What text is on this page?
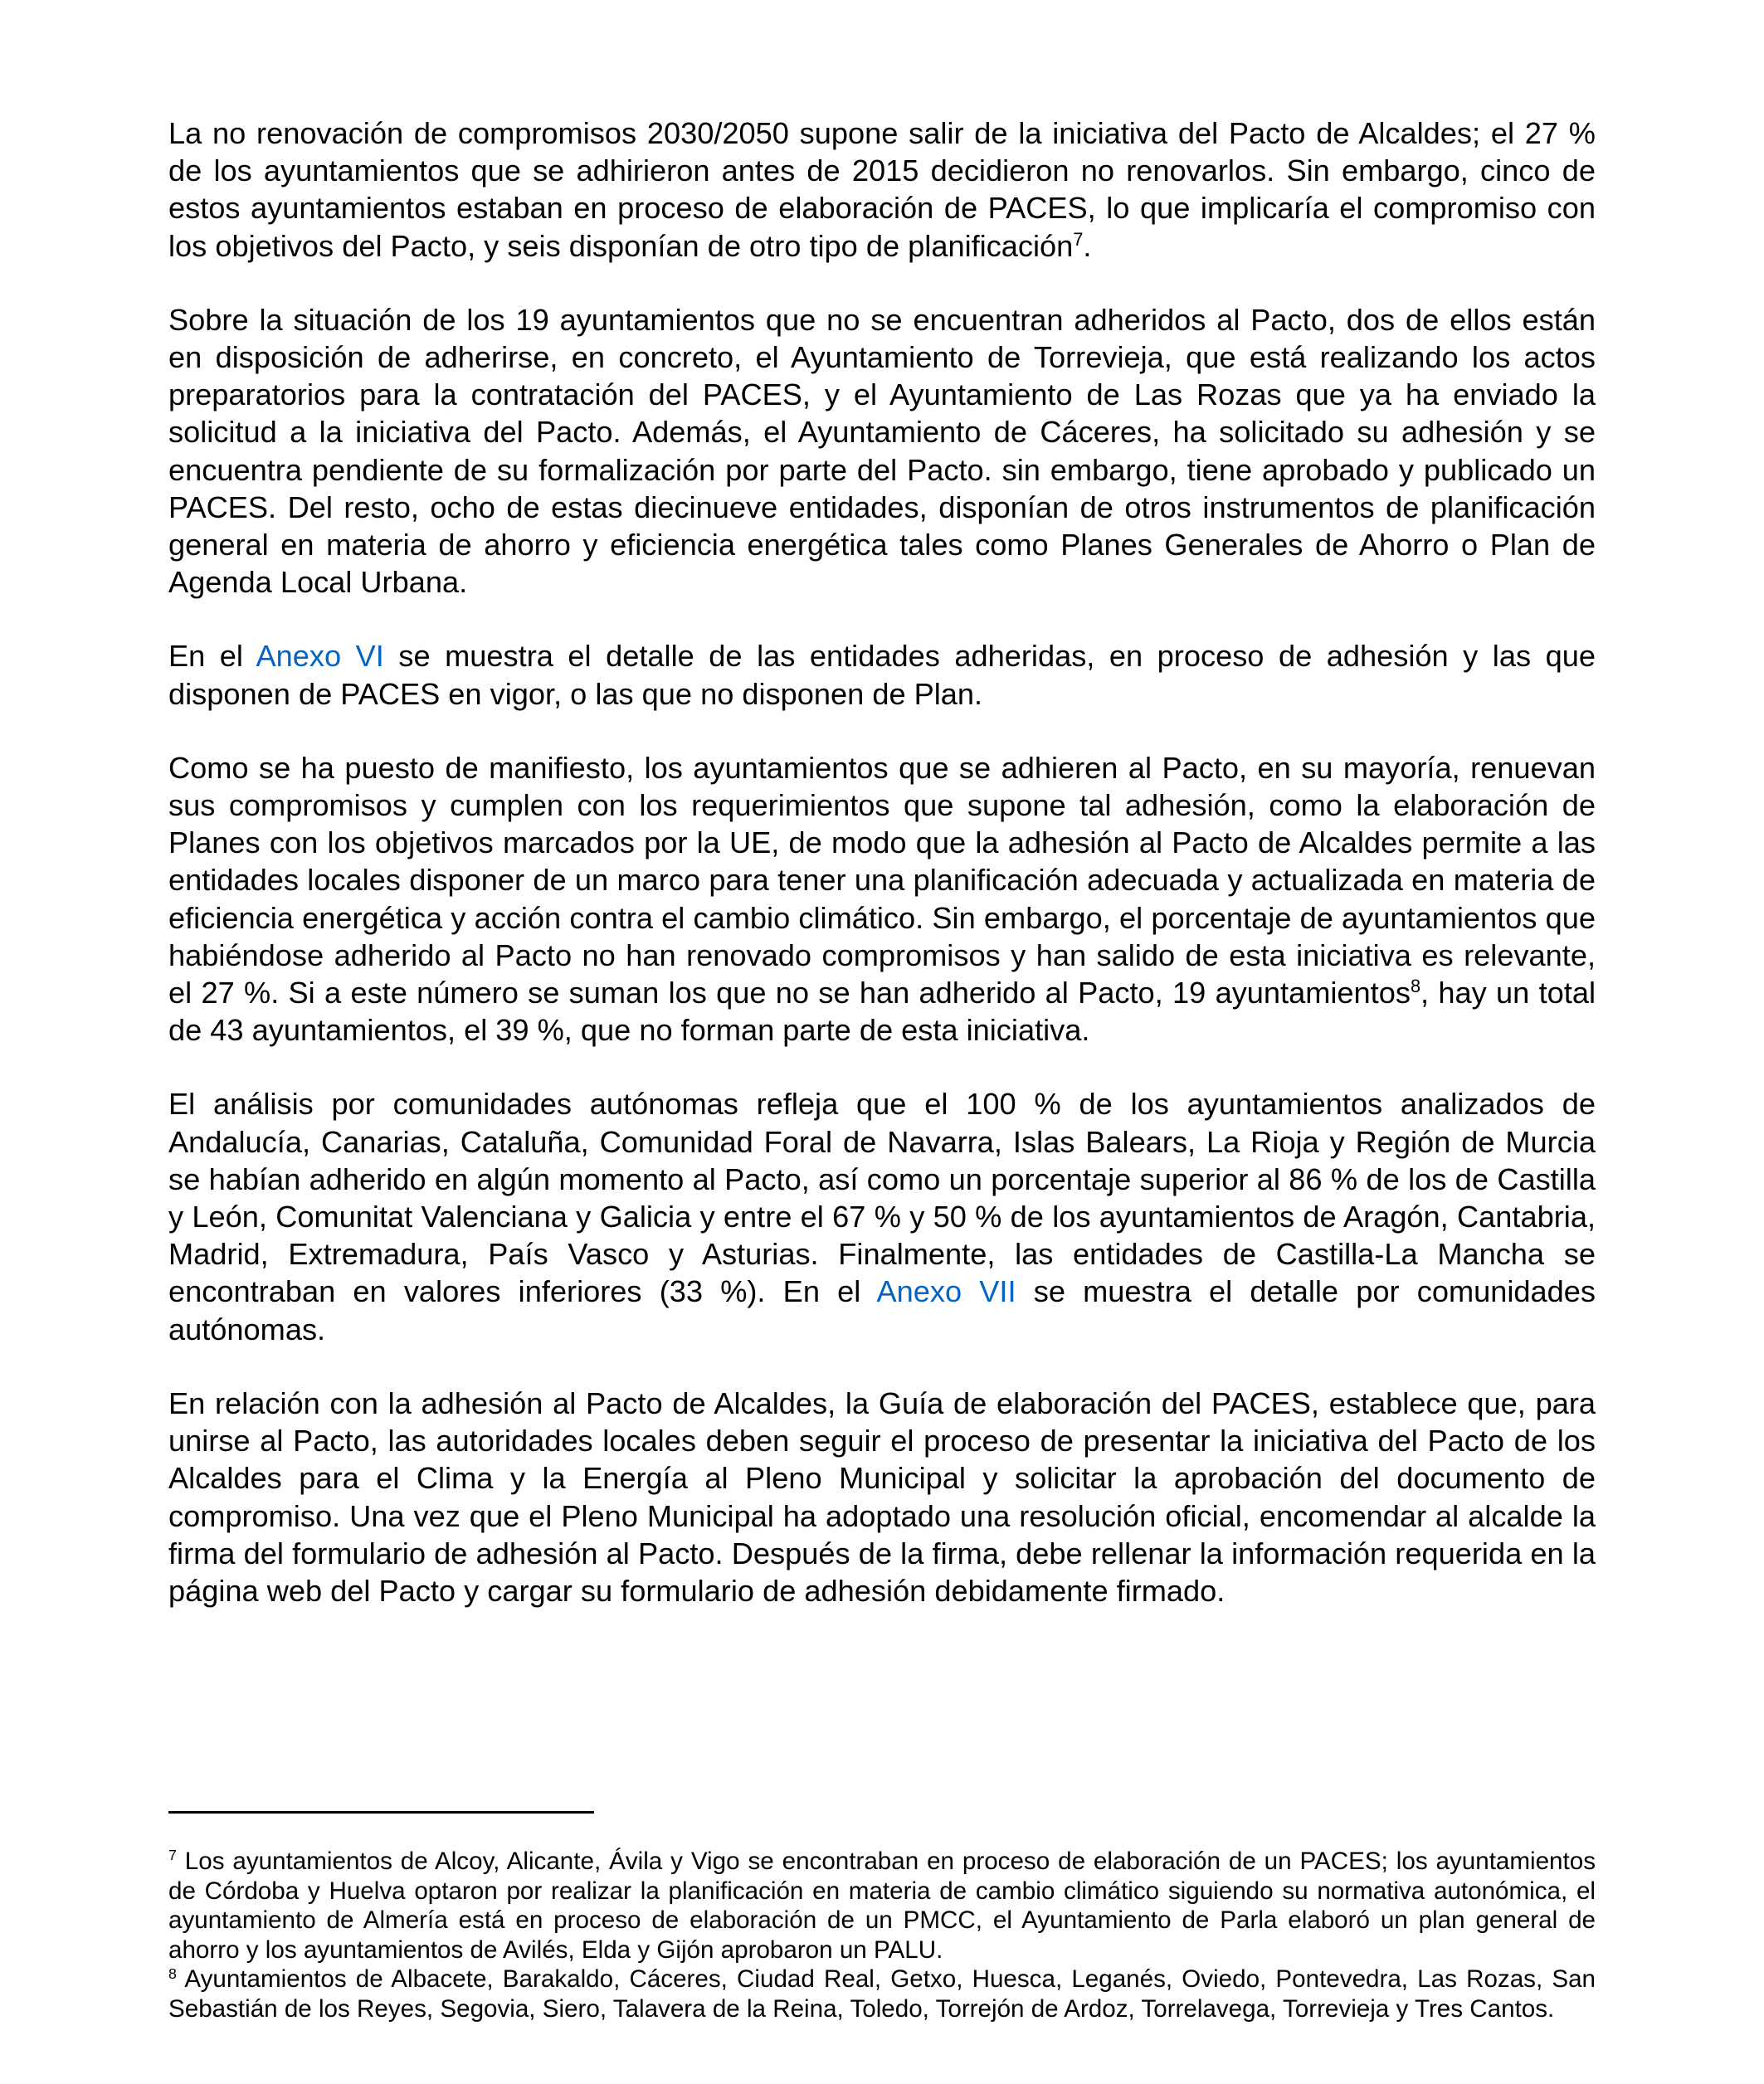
La no renovación de compromisos 2030/2050 supone salir de la iniciativa del Pacto de Alcaldes; el 27 % de los ayuntamientos que se adhirieron antes de 2015 decidieron no renovarlos. Sin embargo, cinco de estos ayuntamientos estaban en proceso de elaboración de PACES, lo que implicaría el compromiso con los objetivos del Pacto, y seis disponían de otro tipo de planificación$^7$.

Sobre la situación de los 19 ayuntamientos que no se encuentran adheridos al Pacto, dos de ellos están en disposición de adherirse, en concreto, el Ayuntamiento de Torrevieja, que está realizando los actos preparatorios para la contratación del PACES, y el Ayuntamiento de Las Rozas que ya ha enviado la solicitud a la iniciativa del Pacto. Además, el Ayuntamiento de Cáceres, ha solicitado su adhesión y se encuentra pendiente de su formalización por parte del Pacto. sin embargo, tiene aprobado y publicado un PACES. Del resto, ocho de estas diecinueve entidades, disponían de otros instrumentos de planificación general en materia de ahorro y eficiencia energética tales como Planes Generales de Ahorro o Plan de Agenda Local Urbana.

En el Anexo VI se muestra el detalle de las entidades adheridas, en proceso de adhesión y las que disponen de PACES en vigor, o las que no disponen de Plan.

Como se ha puesto de manifiesto, los ayuntamientos que se adhieren al Pacto, en su mayoría, renuevan sus compromisos y cumplen con los requerimientos que supone tal adhesión, como la elaboración de Planes con los objetivos marcados por la UE, de modo que la adhesión al Pacto de Alcaldes permite a las entidades locales disponer de un marco para tener una planificación adecuada y actualizada en materia de eficiencia energética y acción contra el cambio climático. Sin embargo, el porcentaje de ayuntamientos que habiéndose adherido al Pacto no han renovado compromisos y han salido de esta iniciativa es relevante, el 27 %. Si a este número se suman los que no se han adherido al Pacto, 19 ayuntamientos$^8$, hay un total de 43 ayuntamientos, el 39 %, que no forman parte de esta iniciativa.

El análisis por comunidades autónomas refleja que el 100 % de los ayuntamientos analizados de Andalucía, Canarias, Cataluña, Comunidad Foral de Navarra, Islas Balears, La Rioja y Región de Murcia se habían adherido en algún momento al Pacto, así como un porcentaje superior al 86 % de los de Castilla y León, Comunitat Valenciana y Galicia y entre el 67 % y 50 % de los ayuntamientos de Aragón, Cantabria, Madrid, Extremadura, País Vasco y Asturias. Finalmente, las entidades de Castilla-La Mancha se encontraban en valores inferiores (33 %). En el Anexo VII se muestra el detalle por comunidades autónomas.

En relación con la adhesión al Pacto de Alcaldes, la Guía de elaboración del PACES, establece que, para unirse al Pacto, las autoridades locales deben seguir el proceso de presentar la iniciativa del Pacto de los Alcaldes para el Clima y la Energía al Pleno Municipal y solicitar la aprobación del documento de compromiso. Una vez que el Pleno Municipal ha adoptado una resolución oficial, encomendar al alcalde la firma del formulario de adhesión al Pacto. Después de la firma, debe rellenar la información requerida en la página web del Pacto y cargar su formulario de adhesión debidamente firmado.

$^7$ Los ayuntamientos de Alcoy, Alicante, Ávila y Vigo se encontraban en proceso de elaboración de un PACES; los ayuntamientos de Córdoba y Huelva optaron por realizar la planificación en materia de cambio climático siguiendo su normativa autonómica, el ayuntamiento de Almería está en proceso de elaboración de un PMCC, el Ayuntamiento de Parla elaboró un plan general de ahorro y los ayuntamientos de Avilés, Elda y Gijón aprobaron un PALU.

$^8$ Ayuntamientos de Albacete, Barakaldo, Cáceres, Ciudad Real, Getxo, Huesca, Leganés, Oviedo, Pontevedra, Las Rozas, San Sebastián de los Reyes, Segovia, Siero, Talavera de la Reina, Toledo, Torrejón de Ardoz, Torrelavega, Torrevieja y Tres Cantos.
